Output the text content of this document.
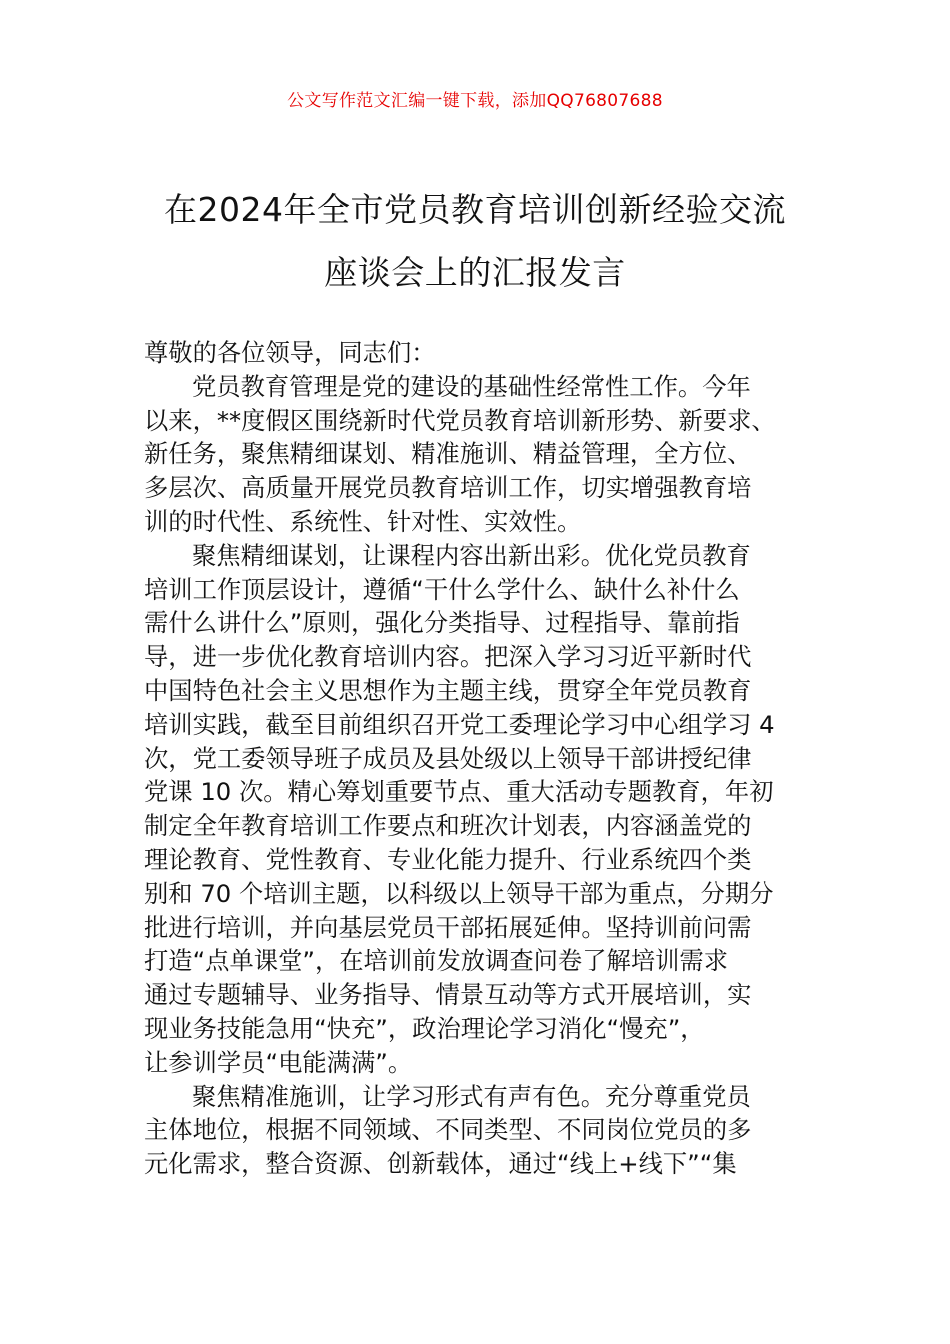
公文写作范文汇编一键下载，添加QQ76807688
在2024年全市党员教育培训创新经验交流
座谈会上的汇报发言
尊敬的各位领导，同志们：
党员教育管理是党的建设的基础性经常性工作。今年
以来，**度假区围绕新时代党员教育培训新形势、新要求、
新任务，聚焦精细谋划、精准施训、精益管理，全方位、
多层次、高质量开展党员教育培训工作，切实增强教育培
训的时代性、系统性、针对性、实效性。
聚焦精细谋划，让课程内容出新出彩。优化党员教育
培训工作顶层设计，遵循“干什么学什么、缺什么补什么
需什么讲什么”原则，强化分类指导、过程指导、靠前指
导，进一步优化教育培训内容。把深入学习习近平新时代
中国特色社会主义思想作为主题主线，贯穿全年党员教育
培训实践，截至目前组织召开党工委理论学习中心组学习 4
次，党工委领导班子成员及县处级以上领导干部讲授纪律
党课 10 次。精心筹划重要节点、重大活动专题教育，年初
制定全年教育培训工作要点和班次计划表，内容涵盖党的
理论教育、党性教育、专业化能力提升、行业系统四个类
别和 70 个培训主题，以科级以上领导干部为重点，分期分
批进行培训，并向基层党员干部拓展延伸。坚持训前问需
打造“点单课堂”，在培训前发放调查问卷了解培训需求
通过专题辅导、业务指导、情景互动等方式开展培训，实
现业务技能急用“快充”，政治理论学习消化“慢充”，
让参训学员“电能满满”。
聚焦精准施训，让学习形式有声有色。充分尊重党员
主体地位，根据不同领域、不同类型、不同岗位党员的多
元化需求，整合资源、创新载体，通过“线上+线下”“集
